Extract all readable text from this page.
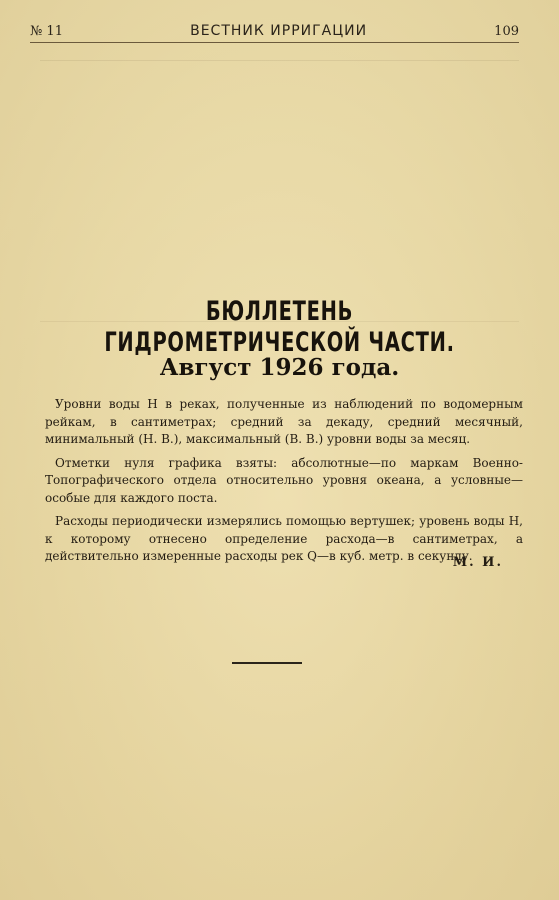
№ 11	ВЕСТНИК ИРРИГАЦИИ	109
БЮЛЛЕТЕНЬ ГИДРОМЕТРИЧЕСКОЙ ЧАСТИ.
Август 1926 года.

Уровни воды H в реках, полученные из наблюдений по водомерным рейкам, в сантиметрах; средний за декаду, средний месячный, минимальный (Н. В.), максимальный (В. В.) уровни воды за месяц.

Отметки нуля графика взяты: абсолютные—по маркам Военно-Топографического отдела относительно уровня океана, а условные—особые для каждого поста.

Расходы периодически измерялись помощью вертушек; уровень воды H, к которому отнесено определение расхода—в сантиметрах, а действительно измеренные расходы рек Q—в куб. метр. в секунду.

М. И.
